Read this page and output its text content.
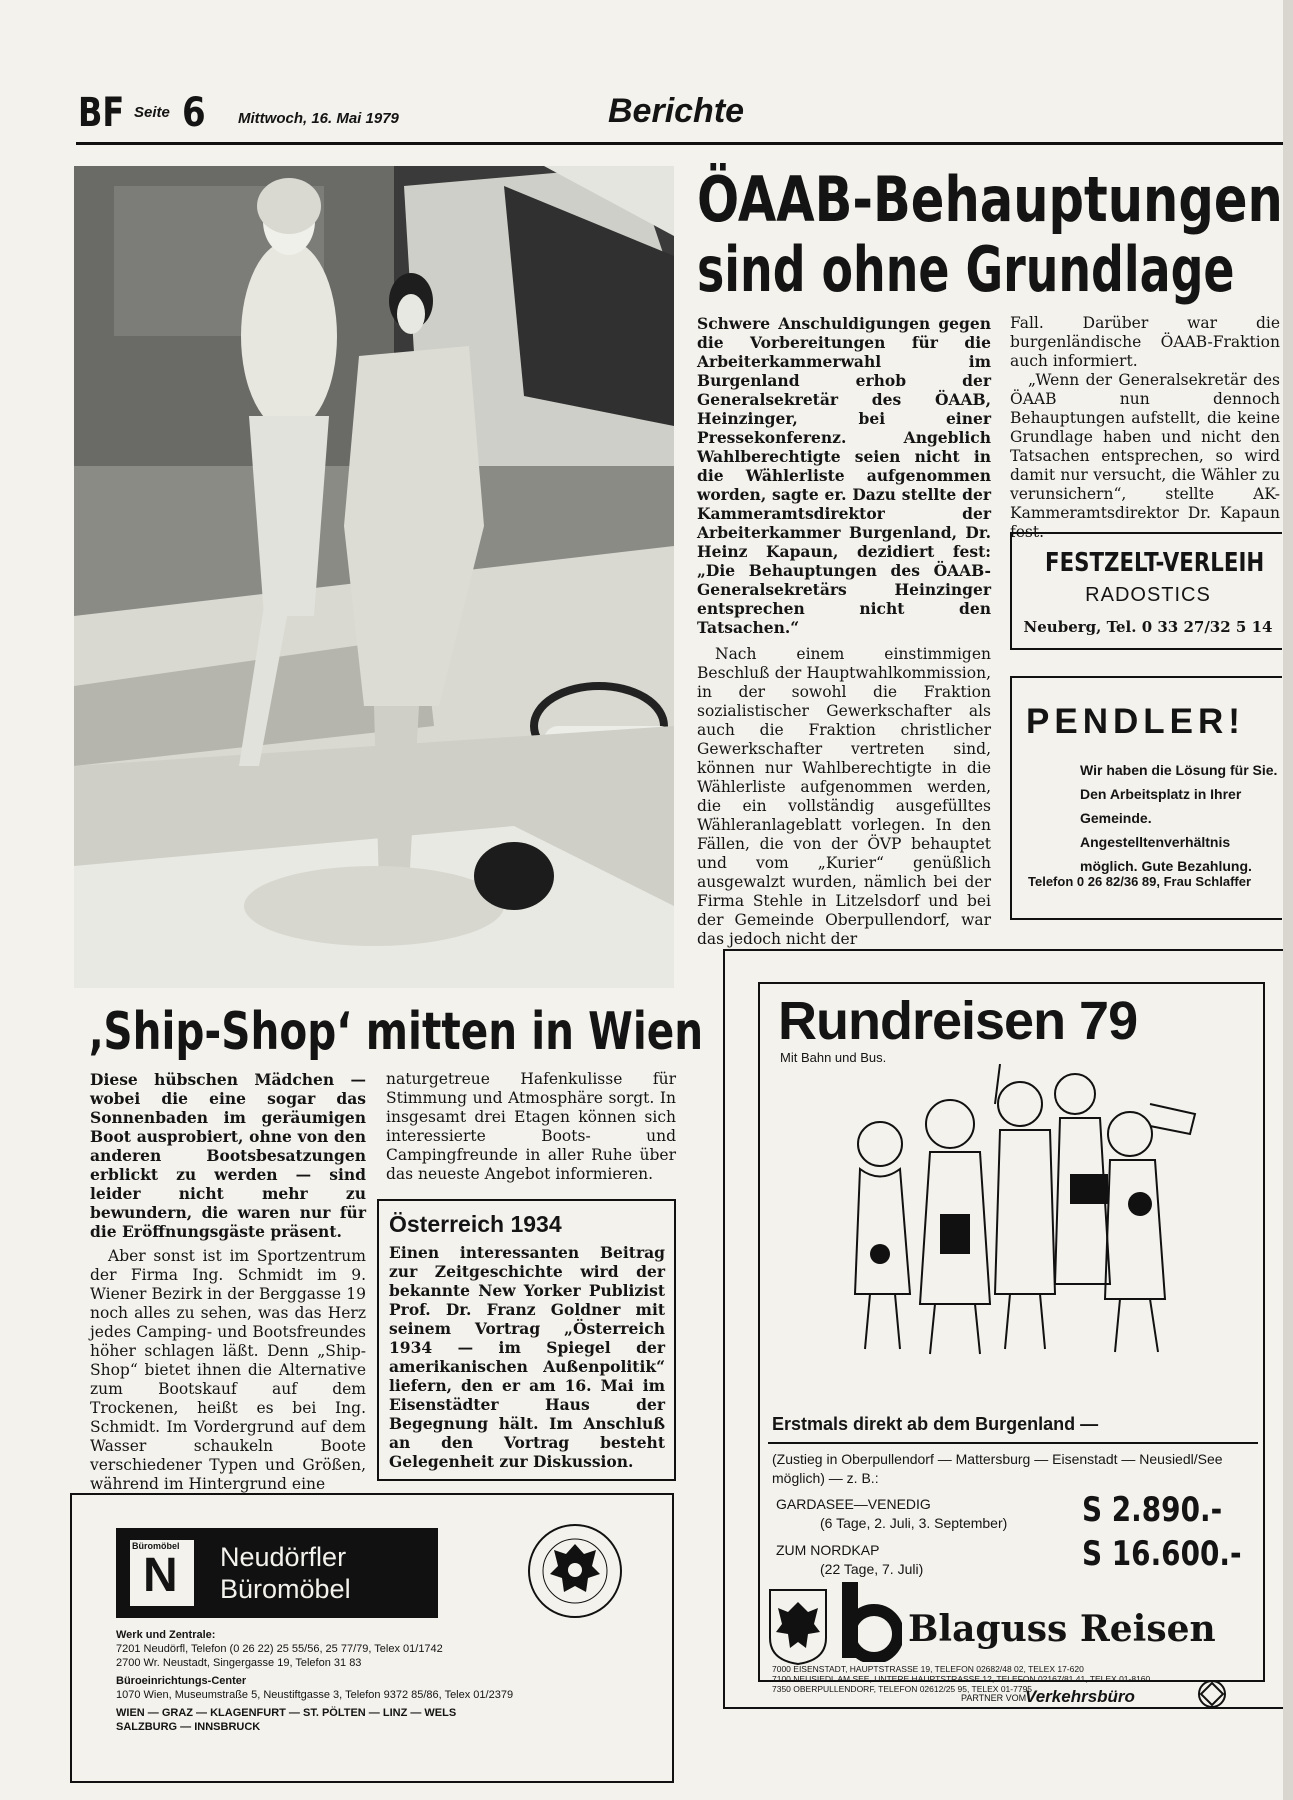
BF Seite 6 Mittwoch, 16. Mai 1979	Berichte
ÖAAB-Behauptungen
sind ohne Grundlage

Schwere Anschuldigungen gegen die Vorbereitungen für die Arbeiterkammerwahl im Burgenland erhob der Generalsekretär des ÖAAB, Heinzinger, bei einer Pressekonferenz. Angeblich Wahlberechtigte seien nicht in die Wählerliste aufgenommen worden, sagte er. Dazu stellte der Kammeramtsdirektor der Arbeiterkammer Burgenland, Dr. Heinz Kapaun, dezidiert fest: „Die Behauptungen des ÖAAB-Generalsekretärs Heinzinger entsprechen nicht den Tatsachen.“

Nach einem einstimmigen Beschluß der Hauptwahlkommission, in der sowohl die Fraktion sozialistischer Gewerkschafter als auch die Fraktion christlicher Gewerkschafter vertreten sind, können nur Wahlberechtigte in die Wählerliste aufgenommen werden, die ein vollständig ausgefülltes Wähleranlageblatt vorlegen. In den Fällen, die von der ÖVP behauptet und vom „Kurier“ genüßlich ausgewalzt wurden, nämlich bei der Firma Stehle in Litzelsdorf und bei der Gemeinde Oberpullendorf, war das jedoch nicht der

Fall. Darüber war die burgenländische ÖAAB-Fraktion auch informiert.

„Wenn der Generalsekretär des ÖAAB nun dennoch Behauptungen aufstellt, die keine Grundlage haben und nicht den Tatsachen entsprechen, so wird damit nur versucht, die Wähler zu verunsichern“, stellte AK-Kammeramtsdirektor Dr. Kapaun fest.

FESTZELT-VERLEIH
RADOSTICS
Neuberg, Tel. 0 33 27/32 5 14
PENDLER!
Wir haben die Lösung für Sie. Den Arbeitsplatz in Ihrer Gemeinde. Angestelltenverhältnis möglich. Gute Bezahlung.
Telefon 0 26 82/36 89, Frau Schlaffer
‚Ship-Shop‘ mitten in Wien

Diese hübschen Mädchen — wobei die eine sogar das Sonnenbaden im geräumigen Boot ausprobiert, ohne von den anderen Bootsbesatzungen erblickt zu werden — sind leider nicht mehr zu bewundern, die waren nur für die Eröffnungsgäste präsent.

Aber sonst ist im Sportzentrum der Firma Ing. Schmidt im 9. Wiener Bezirk in der Berggasse 19 noch alles zu sehen, was das Herz jedes Camping- und Bootsfreundes höher schlagen läßt. Denn „Ship-Shop“ bietet ihnen die Alternative zum Bootskauf auf dem Trockenen, heißt es bei Ing. Schmidt. Im Vordergrund auf dem Wasser schaukeln Boote verschiedener Typen und Größen, während im Hintergrund eine

naturgetreue Hafenkulisse für Stimmung und Atmosphäre sorgt. In insgesamt drei Etagen können sich interessierte Boots- und Campingfreunde in aller Ruhe über das neueste Angebot informieren.

Österreich 1934
Einen interessanten Beitrag zur Zeitgeschichte wird der bekannte New Yorker Publizist Prof. Dr. Franz Goldner mit seinem Vortrag „Österreich 1934 — im Spiegel der amerikanischen Außenpolitik“ liefern, den er am 16. Mai im Eisenstädter Haus der Begegnung hält. Im Anschluß an den Vortrag besteht Gelegenheit zur Diskussion.
Büromöbel
N Neudörfler
Büromöbel
Werk und Zentrale:
7201 Neudörfl, Telefon (0 26 22) 25 55/56, 25 77/79, Telex 01/1742
2700 Wr. Neustadt, Singergasse 19, Telefon 31 83
Büroeinrichtungs-Center
1070 Wien, Museumstraße 5, Neustiftgasse 3, Telefon 9372 85/86, Telex 01/2379
WIEN — GRAZ — KLAGENFURT — ST. PÖLTEN — LINZ — WELS
SALZBURG — INNSBRUCK
Rundreisen 79
Mit Bahn und Bus.
Erstmals direkt ab dem Burgenland —
(Zustieg in Oberpullendorf — Mattersburg — Eisenstadt — Neusiedl/See möglich) — z. B.:
GARDASEE—VENEDIG
(6 Tage, 2. Juli, 3. September) S 2.890.-
ZUM NORDKAP
(22 Tage, 7. Juli)	S 16.600.-
Blaguss Reisen
7000 EISENSTADT, HAUPTSTRASSE 19, TELEFON 02682/48 02, TELEX 17-620
7100 NEUSIEDL AM SEE, UNTERE HAUPTSTRASSE 12, TELEFON 02167/81 41, TELEX 01-8160
7350 OBERPULLENDORF, TELEFON 02612/25 95, TELEX 01-7795
PARTNER VOM
Verkehrsbüro
